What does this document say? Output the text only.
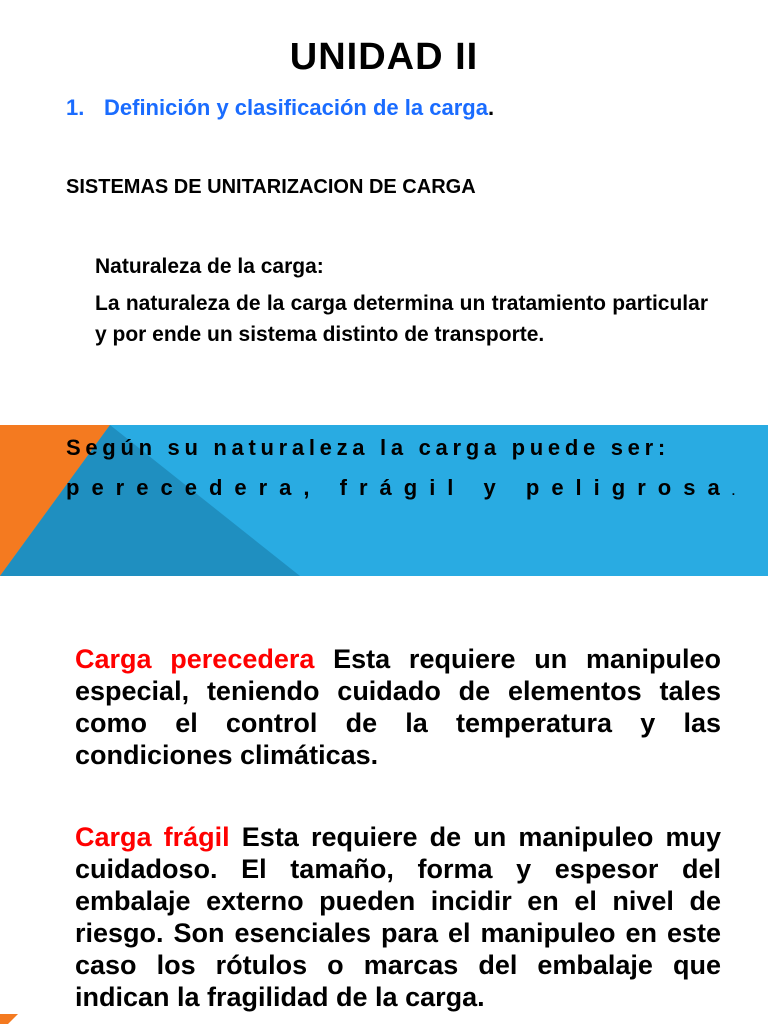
UNIDAD II
1. Definición y clasificación de la carga.
SISTEMAS DE UNITARIZACION DE CARGA
Naturaleza de la carga:
La naturaleza de la carga determina un tratamiento particular y por ende un sistema distinto de transporte.
Según su naturaleza la carga puede ser:
perecedera, frágil y peligrosa.

Carga perecedera Esta requiere un manipuleo especial, teniendo cuidado de elementos tales como el control de la temperatura y las condiciones climáticas.

Carga frágil Esta requiere de un manipuleo muy cuidadoso. El tamaño, forma y espesor del embalaje externo pueden incidir en el nivel de riesgo. Son esenciales para el manipuleo en este caso los rótulos o marcas del embalaje que indican la fragilidad de la carga.
